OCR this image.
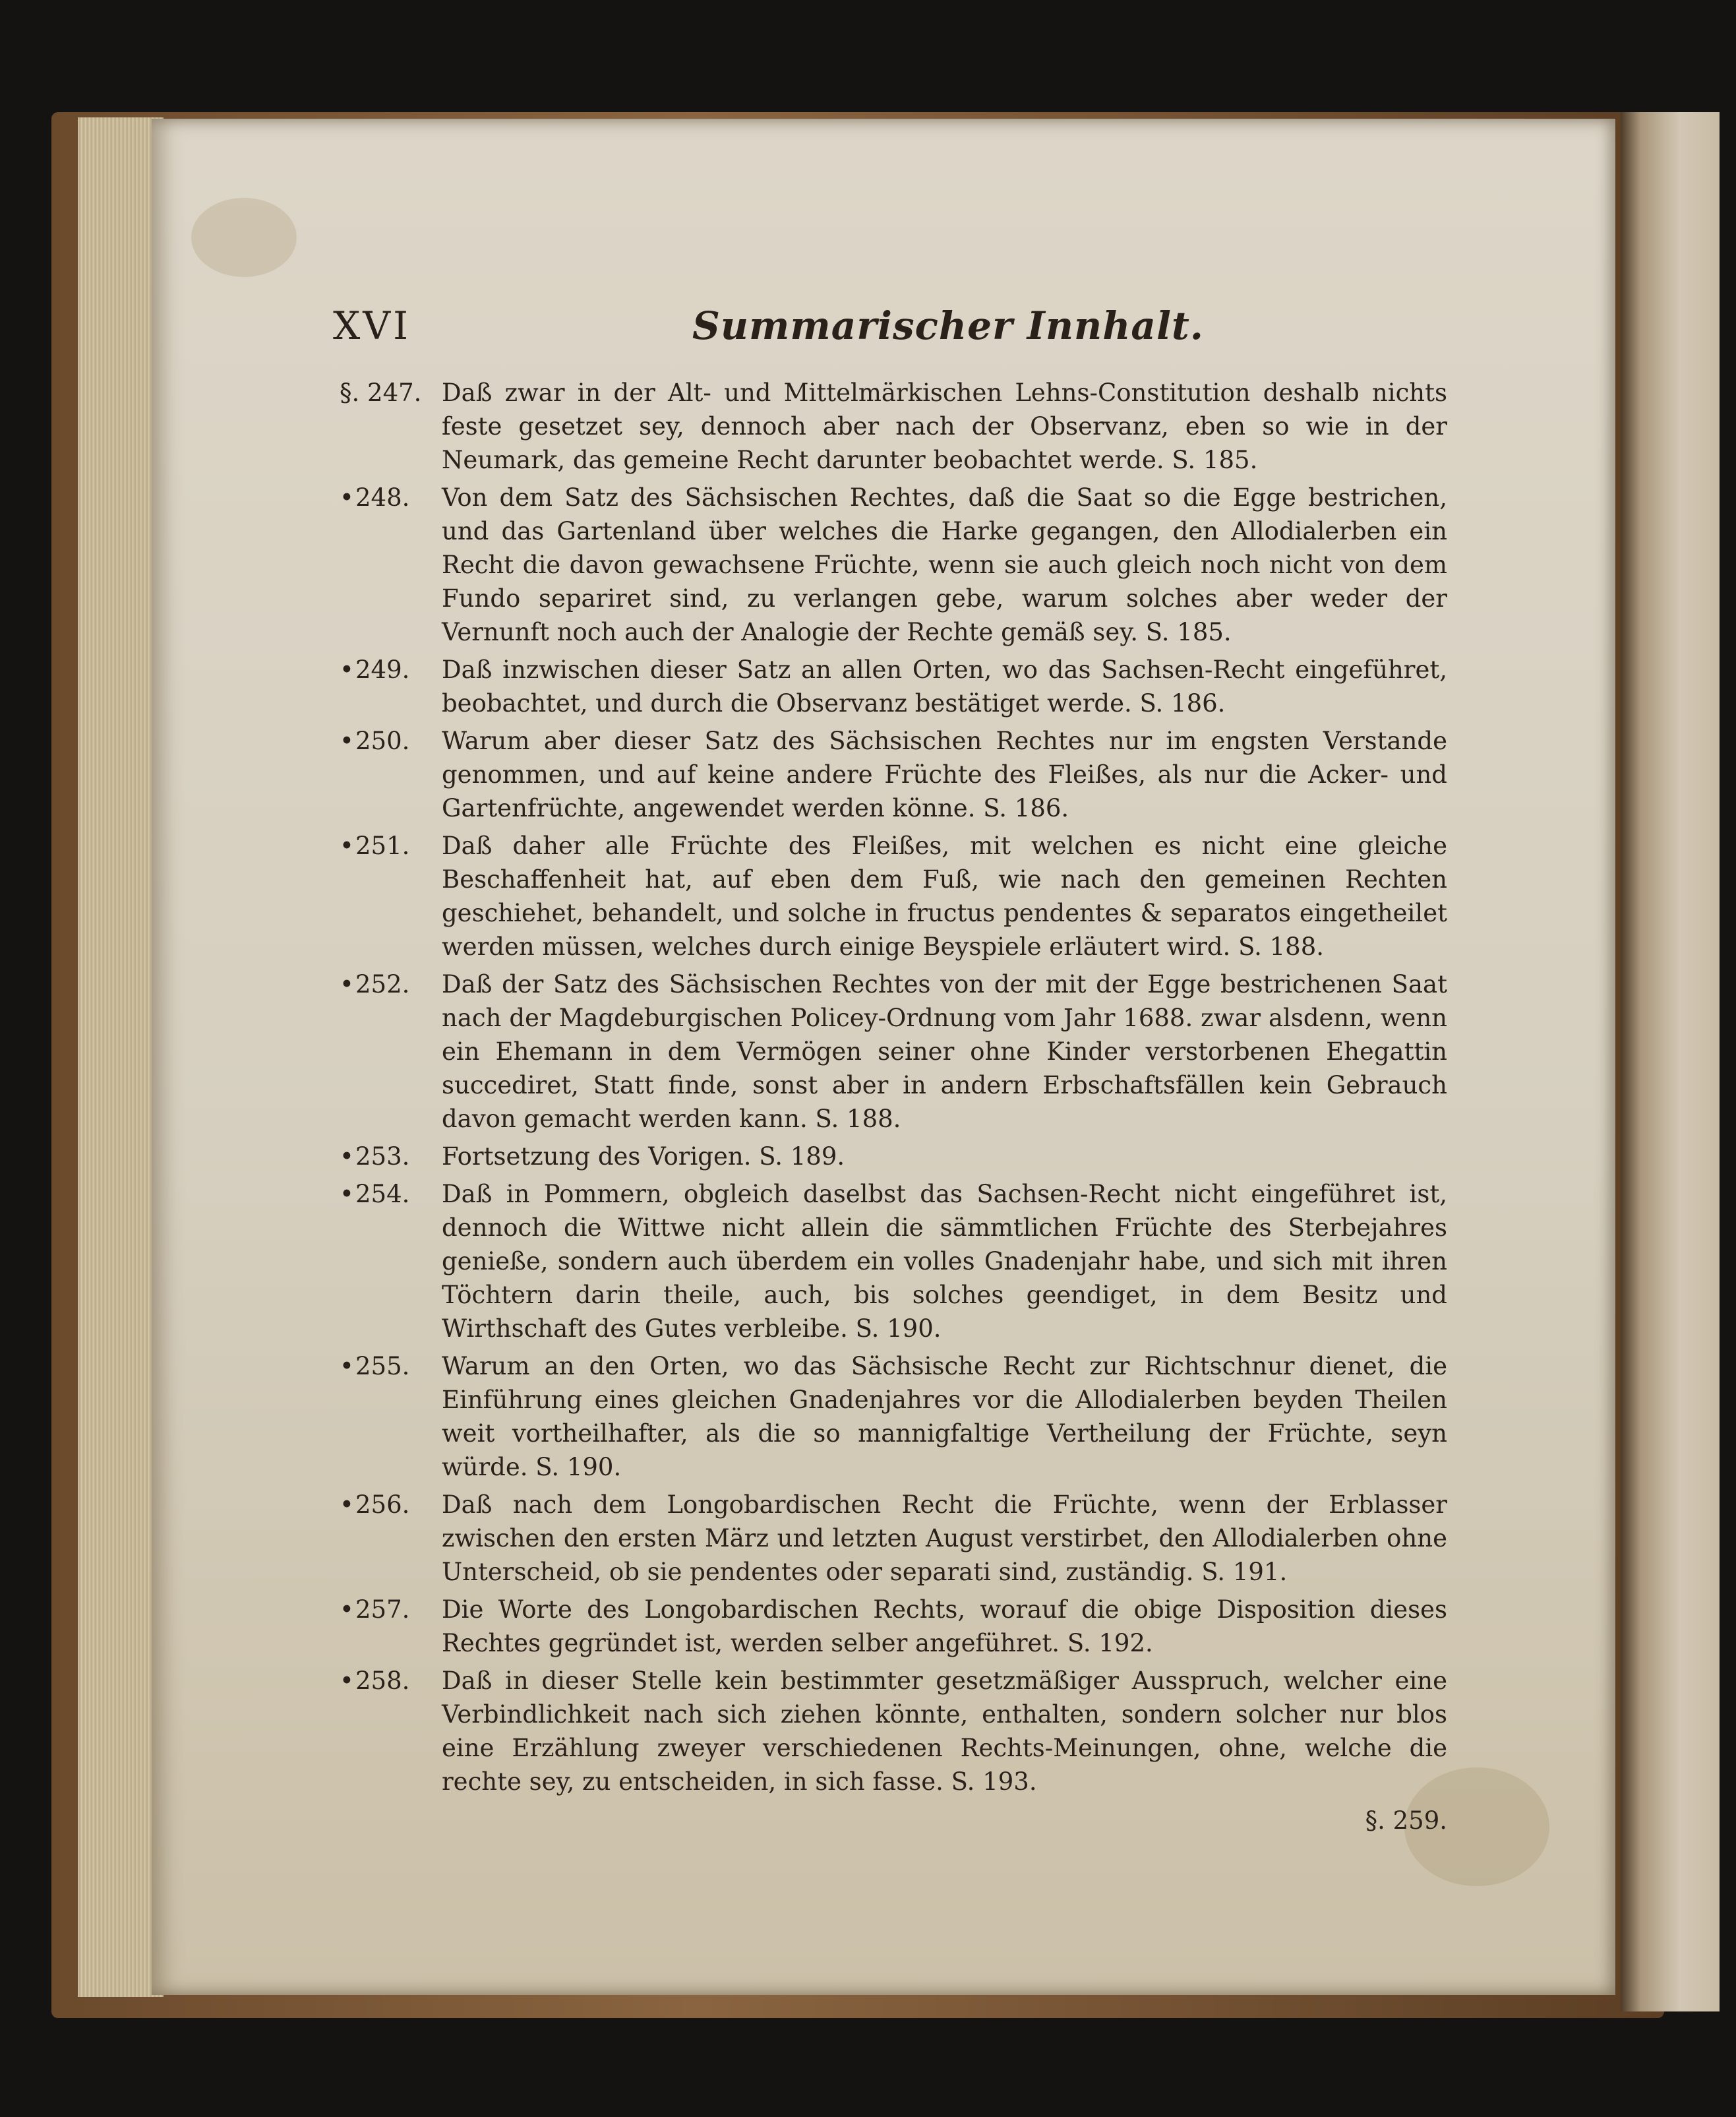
XVI	Summarischer Innhalt.
§. 247. Daß zwar in der Alt- und Mittelmärkischen Lehns-Constitution deshalb nichts feste gesetzet sey, dennoch aber nach der Observanz, eben so wie in der Neumark, das gemeine Recht darunter beobachtet werde. S. 185.
•248.	Von dem Satz des Sächsischen Rechtes, daß die Saat so die Egge bestrichen, und das Gartenland über welches die Harke gegangen, den Allodialerben ein Recht die davon gewachsene Früchte, wenn sie auch gleich noch nicht von dem Fundo separiret sind, zu verlangen gebe, warum solches aber weder der Vernunft noch auch der Analogie der Rechte gemäß sey. S. 185.
•249.	Daß inzwischen dieser Satz an allen Orten, wo das Sachsen-Recht eingeführet, beobachtet, und durch die Observanz bestätiget werde. S. 186.
•250.	Warum aber dieser Satz des Sächsischen Rechtes nur im engsten Verstande genommen, und auf keine andere Früchte des Fleißes, als nur die Acker- und Gartenfrüchte, angewendet werden könne. S. 186.
•251.	Daß daher alle Früchte des Fleißes, mit welchen es nicht eine gleiche Beschaffenheit hat, auf eben dem Fuß, wie nach den gemeinen Rechten geschiehet, behandelt, und solche in fructus pendentes & separatos eingetheilet werden müssen, welches durch einige Beyspiele erläutert wird. S. 188.
•252.	Daß der Satz des Sächsischen Rechtes von der mit der Egge bestrichenen Saat nach der Magdeburgischen Policey-Ordnung vom Jahr 1688. zwar alsdenn, wenn ein Ehemann in dem Vermögen seiner ohne Kinder verstorbenen Ehegattin succediret, Statt finde, sonst aber in andern Erbschaftsfällen kein Gebrauch davon gemacht werden kann. S. 188.
•253.	Fortsetzung des Vorigen. S. 189.
•254.	Daß in Pommern, obgleich daselbst das Sachsen-Recht nicht eingeführet ist, dennoch die Wittwe nicht allein die sämmtlichen Früchte des Sterbejahres genieße, sondern auch überdem ein volles Gnadenjahr habe, und sich mit ihren Töchtern darin theile, auch, bis solches geendiget, in dem Besitz und Wirthschaft des Gutes verbleibe. S. 190.
•255.	Warum an den Orten, wo das Sächsische Recht zur Richtschnur dienet, die Einführung eines gleichen Gnadenjahres vor die Allodialerben beyden Theilen weit vortheilhafter, als die so mannigfaltige Vertheilung der Früchte, seyn würde. S. 190.
•256.	Daß nach dem Longobardischen Recht die Früchte, wenn der Erblasser zwischen den ersten März und letzten August verstirbet, den Allodialerben ohne Unterscheid, ob sie pendentes oder separati sind, zuständig. S. 191.
•257.	Die Worte des Longobardischen Rechts, worauf die obige Disposition dieses Rechtes gegründet ist, werden selber angeführet. S. 192.
•258.	Daß in dieser Stelle kein bestimmter gesetzmäßiger Ausspruch, welcher eine Verbindlichkeit nach sich ziehen könnte, enthalten, sondern solcher nur blos eine Erzählung zweyer verschiedenen Rechts-Meinungen, ohne, welche die rechte sey, zu entscheiden, in sich fasse. S. 193.
§. 259.
